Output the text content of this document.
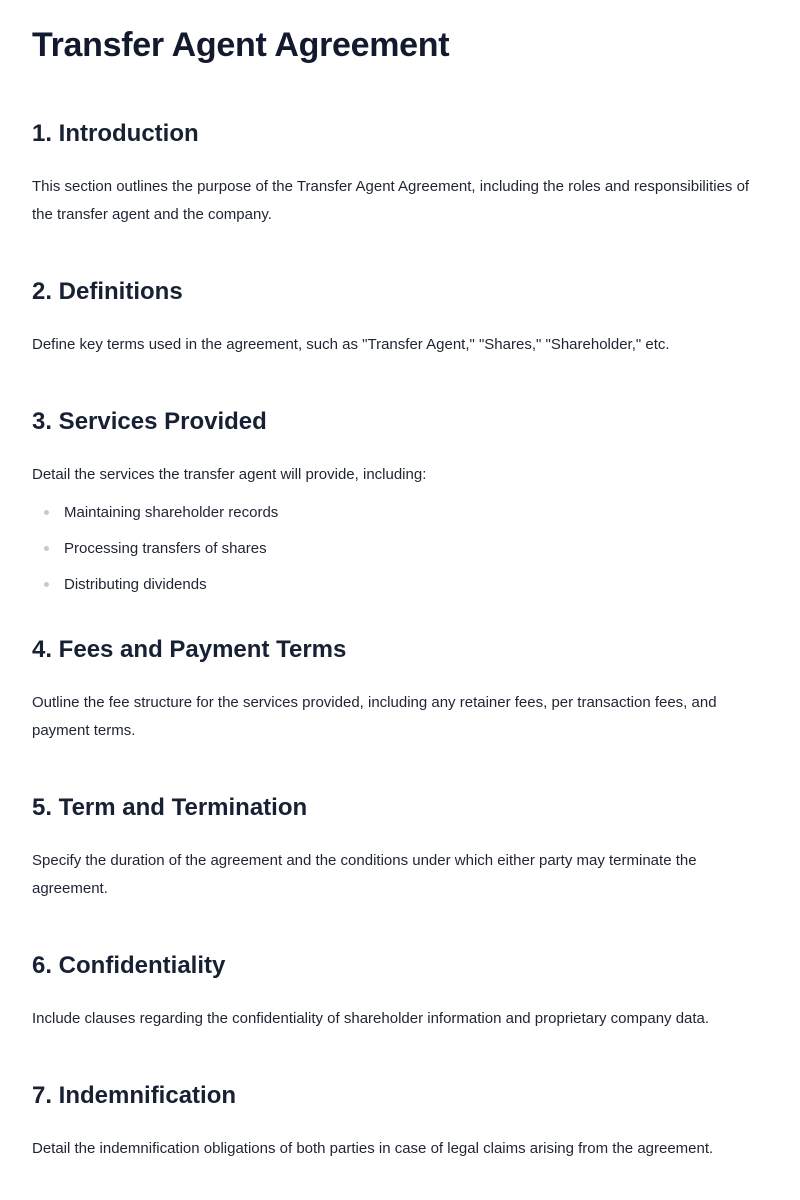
Transfer Agent Agreement
1. Introduction

This section outlines the purpose of the Transfer Agent Agreement, including the roles and responsibilities of the transfer agent and the company.

2. Definitions

Define key terms used in the agreement, such as "Transfer Agent," "Shares," "Shareholder," etc.

3. Services Provided

Detail the services the transfer agent will provide, including:

Maintaining shareholder records
Processing transfers of shares
Distributing dividends
4. Fees and Payment Terms

Outline the fee structure for the services provided, including any retainer fees, per transaction fees, and payment terms.

5. Term and Termination

Specify the duration of the agreement and the conditions under which either party may terminate the agreement.

6. Confidentiality

Include clauses regarding the confidentiality of shareholder information and proprietary company data.

7. Indemnification

Detail the indemnification obligations of both parties in case of legal claims arising from the agreement.
